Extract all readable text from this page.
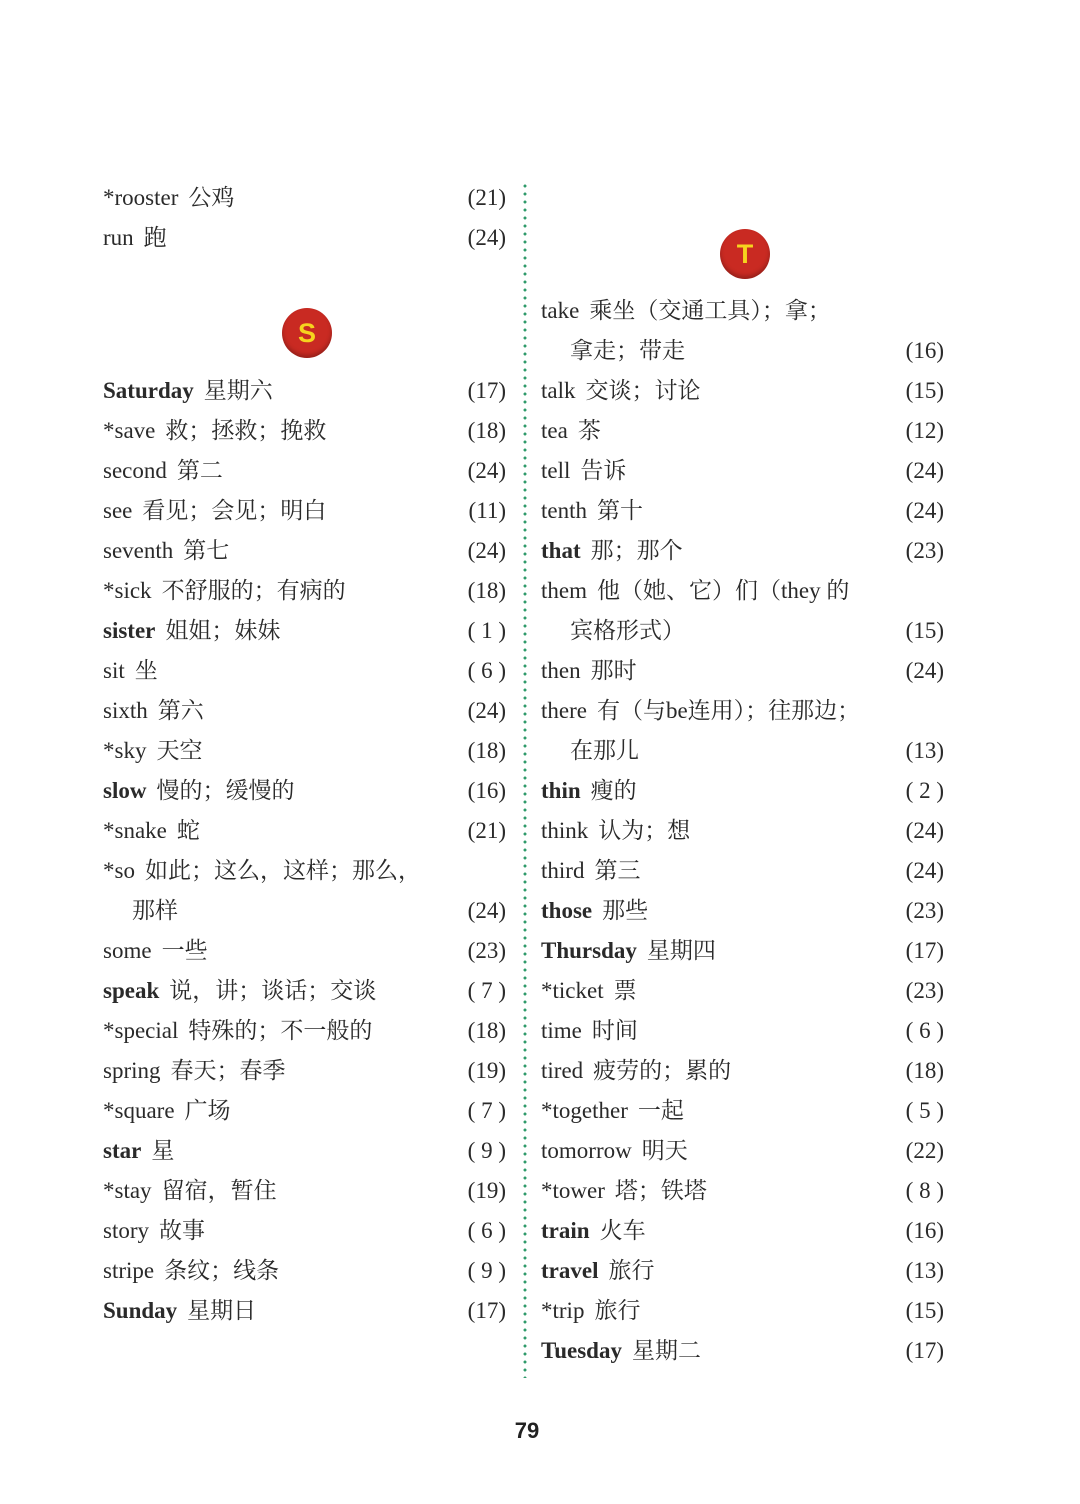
*rooster 公鸡	(21)
run 跑	(24)
Saturday 星期六	(17)
*save 救；拯救；挽救	(18)
second 第二	(24)
see 看见；会见；明白	(11)
seventh 第七	(24)
*sick 不舒服的；有病的	(18)
sister 姐姐；妹妹	( 1 )
sit 坐	( 6 )
sixth 第六	(24)
*sky 天空	(18)
slow 慢的；缓慢的	(16)
*snake 蛇	(21)
*so 如此；这么，这样；那么，
那样	(24)
some 一些	(23)
speak 说，讲；谈话；交谈	( 7 )
*special 特殊的；不一般的	(18)
spring 春天；春季	(19)
*square 广场	( 7 )
star 星	( 9 )
*stay 留宿，暂住	(19)
story 故事	( 6 )
stripe 条纹；线条	( 9 )
Sunday 星期日	(17)
take 乘坐（交通工具）；拿；
拿走；带走	(16)
talk 交谈；讨论	(15)
tea 茶	(12)
tell 告诉	(24)
tenth 第十	(24)
that 那；那个	(23)
them 他（她、它）们（they 的
宾格形式）	(15)
then 那时	(24)
there 有（与be连用）；往那边；
在那儿	(13)
thin 瘦的	( 2 )
think 认为；想	(24)
third 第三	(24)
those 那些	(23)
Thursday 星期四	(17)
*ticket 票	(23)
time 时间	( 6 )
tired 疲劳的；累的	(18)
*together 一起	( 5 )
tomorrow 明天	(22)
*tower 塔；铁塔	( 8 )
train 火车	(16)
travel 旅行	(13)
*trip 旅行	(15)
Tuesday 星期二	(17)
79
S
T
